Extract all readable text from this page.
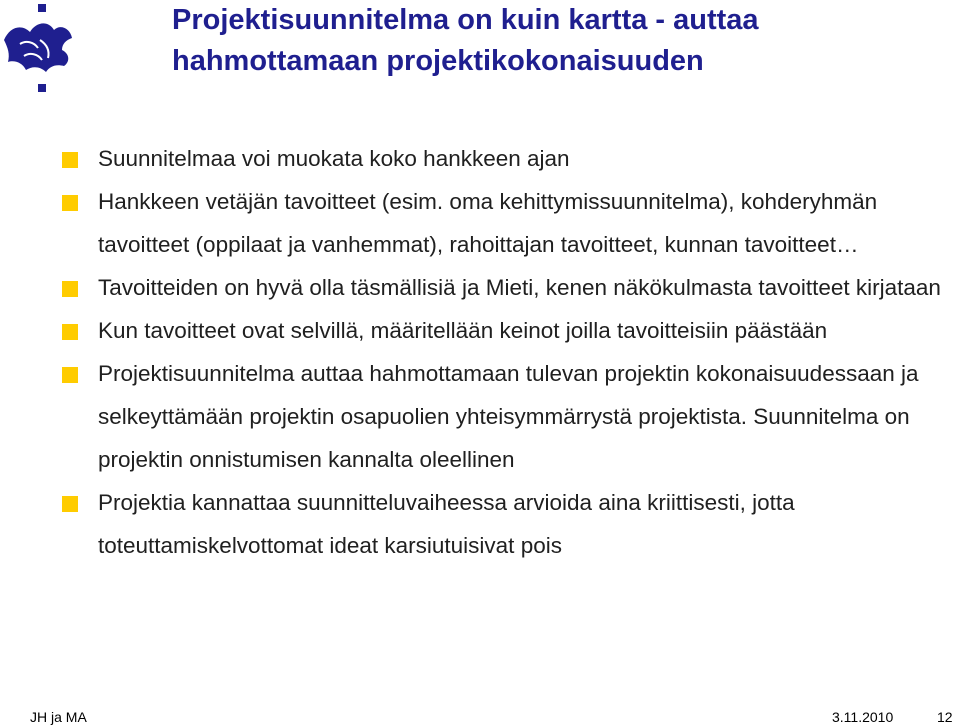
Projektisuunnitelma on kuin kartta - auttaa hahmottamaan projektikokonaisuuden
Suunnitelmaa voi muokata koko hankkeen ajan
Hankkeen vetäjän tavoitteet (esim. oma kehittymissuunnitelma), kohderyhmän tavoitteet (oppilaat ja vanhemmat), rahoittajan tavoitteet, kunnan tavoitteet…
Tavoitteiden on hyvä olla täsmällisiä ja Mieti, kenen näkökulmasta tavoitteet kirjataan
Kun tavoitteet ovat selvillä, määritellään keinot joilla tavoitteisiin päästään
Projektisuunnitelma auttaa hahmottamaan tulevan projektin kokonaisuudessaan ja selkeyttämään projektin osapuolien yhteisymmärrystä projektista. Suunnitelma on projektin onnistumisen kannalta oleellinen
Projektia kannattaa suunnitteluvaiheessa arvioida aina kriittisesti, jotta toteuttamiskelvottomat ideat karsiutuisivat pois
JH ja MA	3.11.2010	12
